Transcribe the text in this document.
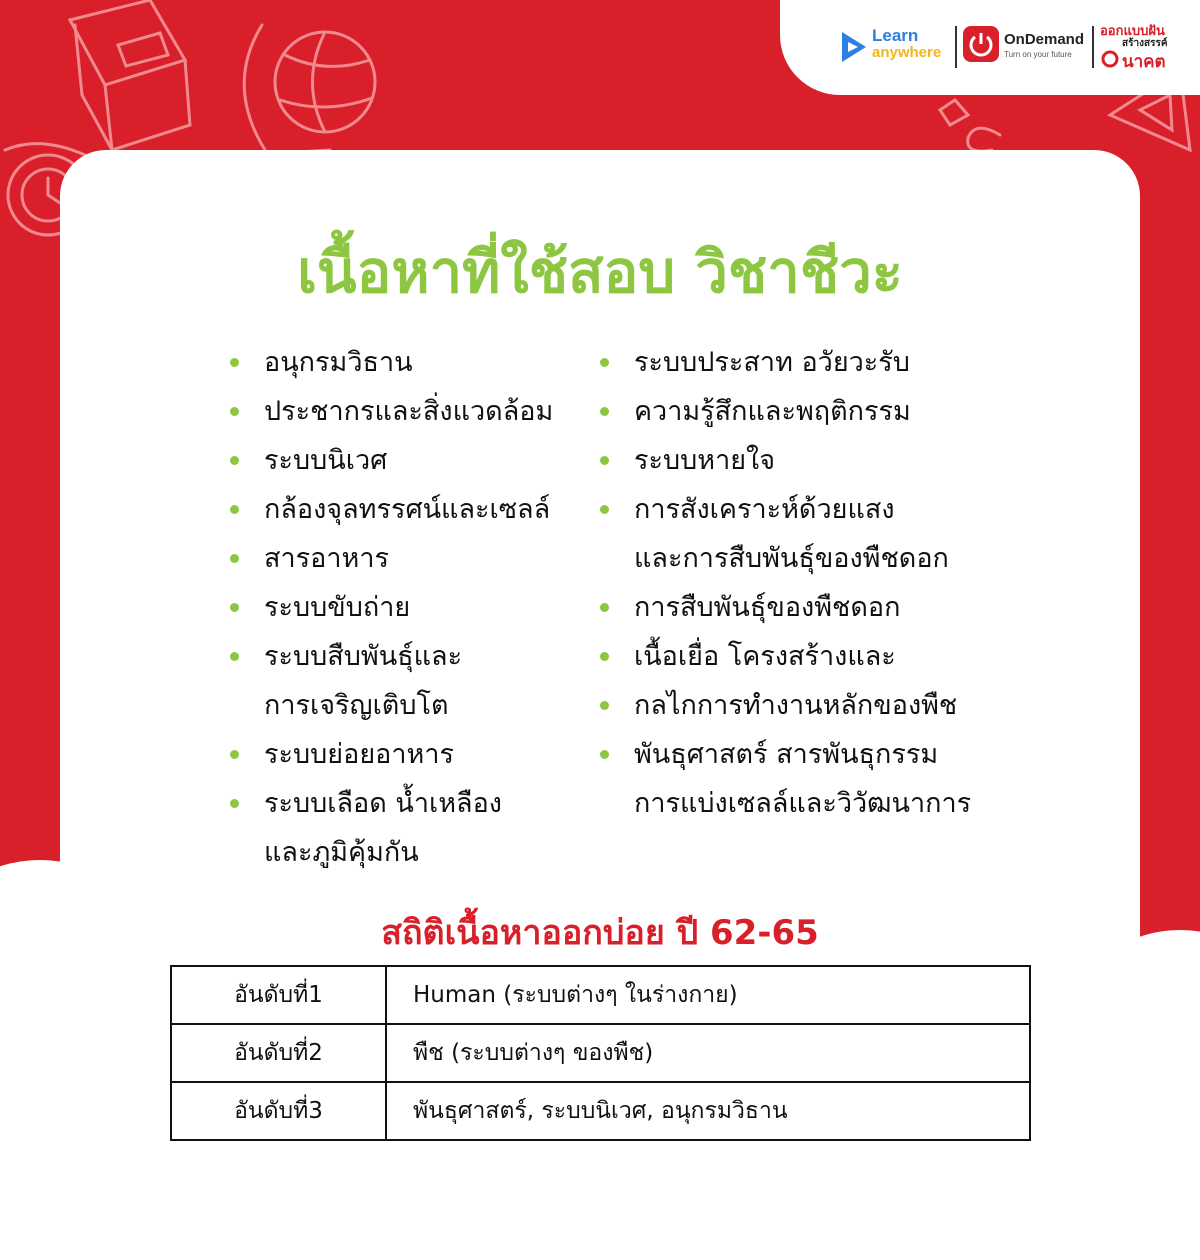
Learn
anywhere
OnDemand
Turn on your future
ออกแบบฝัน
สร้างสรรค์
นาคต
เนื้อหาที่ใช้สอบ วิชาชีวะ
อนุกรมวิธาน
ประชากรและสิ่งแวดล้อม
ระบบนิเวศ
กล้องจุลทรรศน์และเซลล์
สารอาหาร
ระบบขับถ่าย
ระบบสืบพันธุ์และ
การเจริญเติบโต
ระบบย่อยอาหาร
ระบบเลือด น้ำเหลือง
และภูมิคุ้มกัน
ระบบประสาท อวัยวะรับ
ความรู้สึกและพฤติกรรม
ระบบหายใจ
การสังเคราะห์ด้วยแสง
และการสืบพันธุ์ของพืชดอก
การสืบพันธุ์ของพืชดอก
เนื้อเยื่อ โครงสร้างและ
กลไกการทำงานหลักของพืช
พันธุศาสตร์ สารพันธุกรรม
การแบ่งเซลล์และวิวัฒนาการ
สถิติเนื้อหาออกบ่อย ปี 62-65
อันดับที่1	Human (ระบบต่างๆ ในร่างกาย)
อันดับที่2	พืช (ระบบต่างๆ ของพืช)
อันดับที่3	พันธุศาสตร์, ระบบนิเวศ, อนุกรมวิธาน
